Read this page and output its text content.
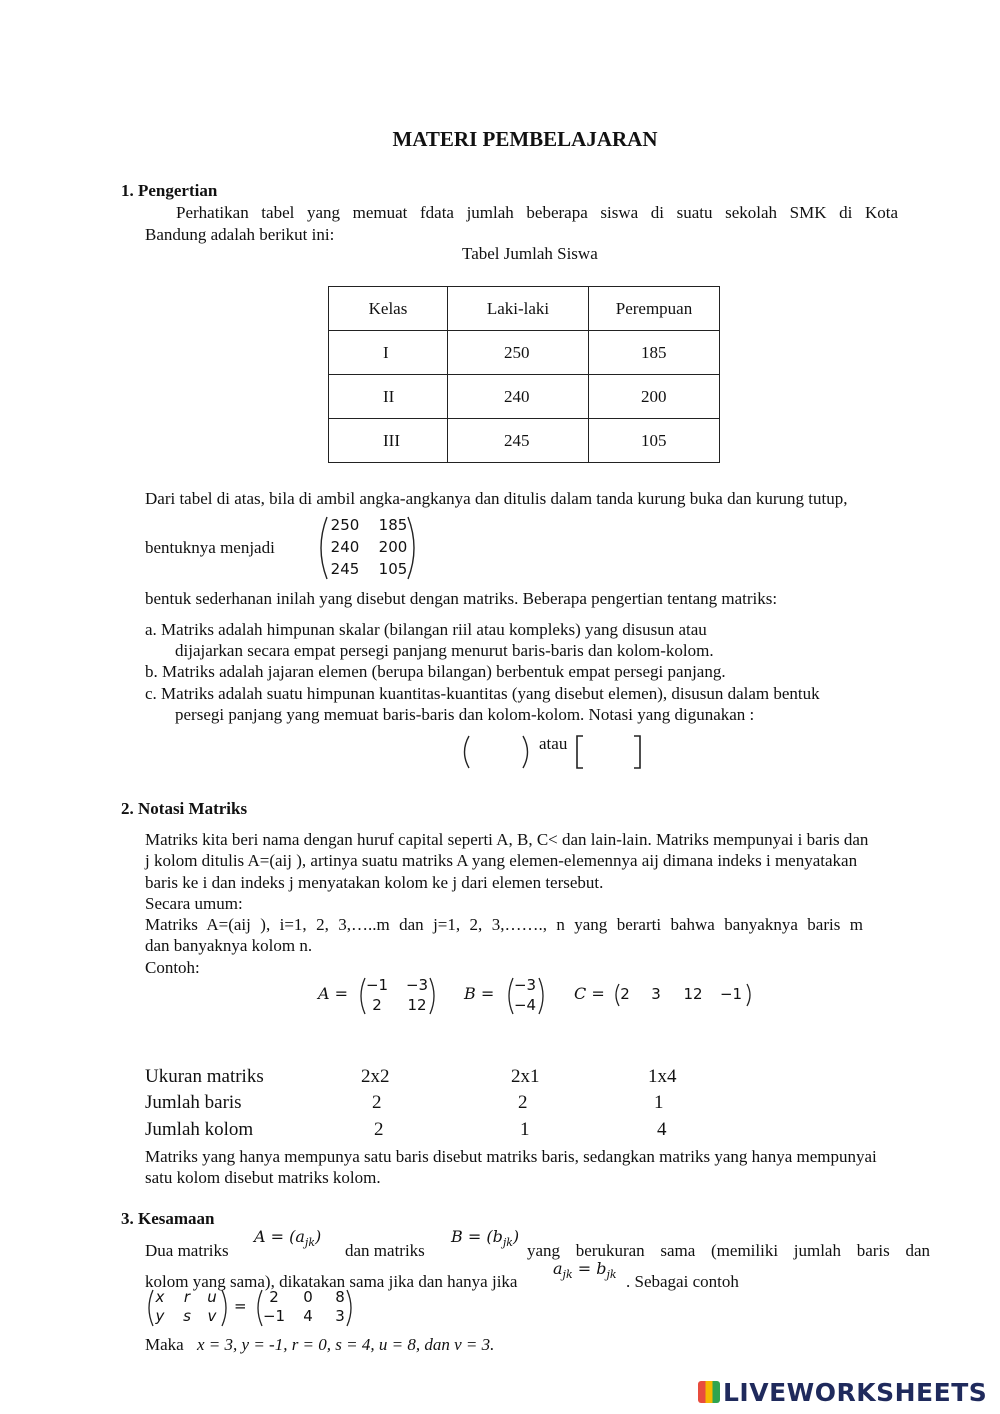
MATERI PEMBELAJARAN
1. Pengertian
Perhatikan tabel yang memuat fdata jumlah beberapa siswa di suatu sekolah SMK di Kota
Bandung adalah berikut ini:
Tabel Jumlah Siswa
Kelas	Laki-laki	Perempuan
I	250	185
II	240	200
III	245	105
Dari tabel di atas, bila di ambil angka-angkanya dan ditulis dalam tanda kurung buka dan kurung tutup,
bentuknya menjadi
250 185
240 200
245 105
bentuk sederhanan inilah yang disebut dengan matriks. Beberapa pengertian tentang matriks:
a. Matriks adalah himpunan skalar (bilangan riil atau kompleks) yang disusun atau
dijajarkan secara empat persegi panjang menurut baris-baris dan kolom-kolom.
b. Matriks adalah jajaran elemen (berupa bilangan) berbentuk empat persegi panjang.
c. Matriks adalah suatu himpunan kuantitas-kuantitas (yang disebut elemen), disusun dalam bentuk
persegi panjang yang memuat baris-baris dan kolom-kolom. Notasi yang digunakan :
atau
2. Notasi Matriks
Matriks kita beri nama dengan huruf capital seperti A, B, C< dan lain-lain. Matriks mempunyai i baris dan
j kolom ditulis A=(aij ), artinya suatu matriks A yang elemen-elemennya aij dimana indeks i menyatakan
baris ke i dan indeks j menyatakan kolom ke j dari elemen tersebut.
Secara umum:
Matriks A=(aij ), i=1, 2, 3,…..m dan j=1, 2, 3,……., n yang berarti bahwa banyaknya baris m
dan banyaknya kolom n.
Contoh:
A = −1 −3
2	12
B = −3
−4
C =	2	3	12 −1
Ukuran matriks	2x2	2x1	1x4
Jumlah baris	2	2	1
Jumlah kolom	2	1	4
Matriks yang hanya mempunya satu baris disebut matriks baris, sedangkan matriks yang hanya mempunyai
satu kolom disebut matriks kolom.
3. Kesamaan
Dua matriks
$A = (a_{jk})$
dan matriks
$B = (b_{jk})$
yang berukuran sama (memiliki jumlah baris dan
kolom yang sama), dikatakan sama jika dan hanya jika
$a_{jk} = b_{jk}$ . Sebagai contoh
x	r	u
y	s	v
=	2	0	8
−1	4	3
Maka x = 3, y = -1, r = 0, s = 4, u = 8, dan v = 3.
LIVEWORKSHEETS
